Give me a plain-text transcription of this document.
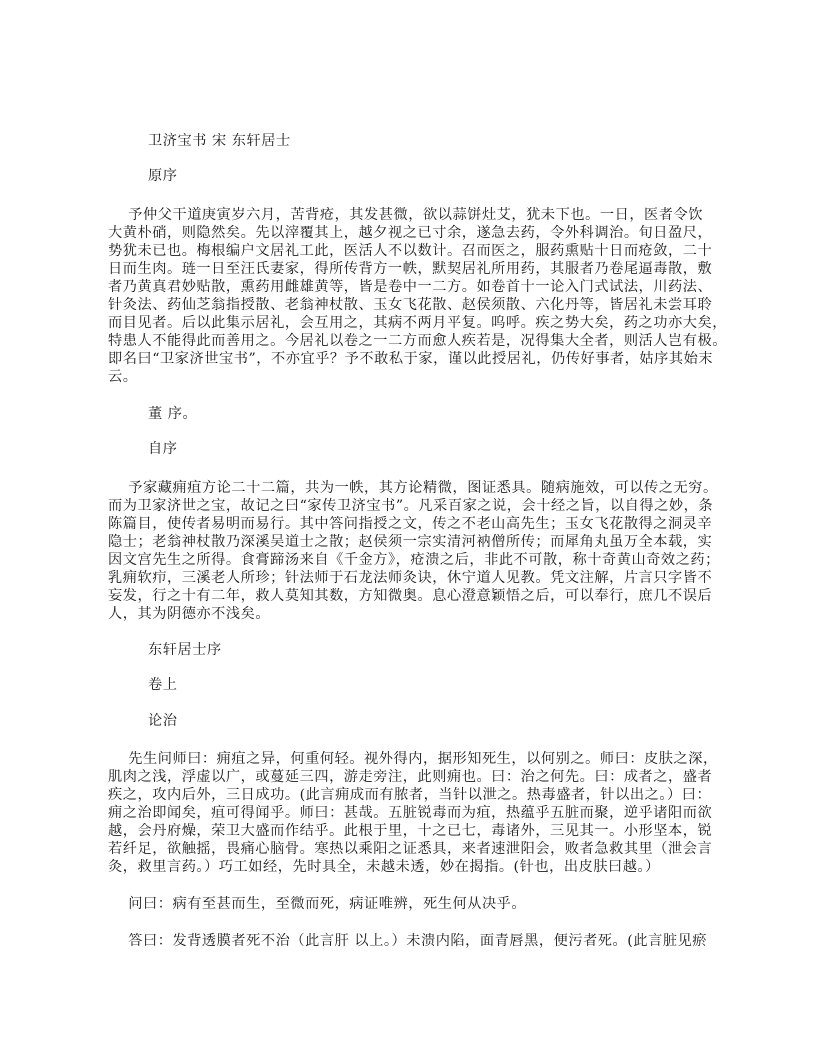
卫济宝书 宋 东轩居士
原序
予仲父干道庚寅岁六月，苦背疮，其发甚微，欲以蒜饼灶艾，犹未下也。一日，医者令饮
大黄朴硝，则隐然矣。先以滓覆其上，越夕视之已寸余，遂急去药，令外科调治。旬日盈尺，
势犹未已也。梅根编户文居礼工此，医活人不以数计。召而医之，服药熏贴十日而疮敛，二十
日而生肉。琏一日至汪氏妻家，得所传背方一帙，默契居礼所用药，其服者乃卷尾逼毒散，敷
者乃黄真君妙贴散，熏药用雌雄黄等，皆是卷中一二方。如卷首十一论入门式试法，川药法、
针灸法、药仙芝翁指授散、老翁神杖散、玉女飞花散、赵侯须散、六化丹等，皆居礼未尝耳聆
而目见者。后以此集示居礼，会互用之，其病不两月平复。呜呼。疾之势大矣，药之功亦大矣，
特患人不能得此而善用之。今居礼以卷之一二方而愈人疾若是，况得集大全者，则活人岂有极。
即名曰“卫家济世宝书”，不亦宜乎？予不敢私于家，谨以此授居礼，仍传好事者，姑序其始末
云。
董 序。
自序
予家藏痈疽方论二十二篇，共为一帙，其方论精微，图证悉具。随病施效，可以传之无穷。
而为卫家济世之宝，故记之曰“家传卫济宝书”。凡采百家之说，会十经之旨，以自得之妙，条
陈篇目，使传者易明而易行。其中答问指授之文，传之不老山高先生；玉女飞花散得之洞灵辛
隐士；老翁神杖散乃深溪吴道士之散；赵侯须一宗实清河衲僧所传；而犀角丸虽万全本载，实
因文宫先生之所得。食膏蹄汤来自《千金方》，疮溃之后，非此不可散，称十奇黄山奇效之药；
乳痈软疖，三溪老人所珍；针法师于石龙法师灸诀，休宁道人见教。凭文注解，片言只字皆不
妄发，行之十有二年，救人莫知其数，方知微奥。息心澄意颖悟之后，可以奉行，庶几不误后
人，其为阴德亦不浅矣。
东轩居士序
卷上
论治
先生问师曰：痈疽之异，何重何轻。视外得内，据形知死生，以何别之。师曰：皮肤之深，
肌肉之浅，浮虚以广，或蔓延三四，游走旁注，此则痈也。曰：治之何先。曰：成者之，盛者
疾之，攻内后外，三日成功。(此言痈成而有脓者，当针以泄之。热毒盛者，针以出之。）曰：
痈之治即闻矣，疽可得闻乎。师曰：甚哉。五脏锐毒而为疽，热蕴乎五脏而聚，逆乎诸阳而欲
越，会丹府燥，荣卫大盛而作结乎。此根于里，十之已七，毒诸外，三见其一。小形坚本，锐
若纤足，欲触摇，畏痛心脑骨。寒热以乘阳之证悉具，来者速泄阳会，败者急救其里（泄会言
灸，救里言药。）巧工如经，先时具全，未越未透，妙在揭指。(针也，出皮肤曰越。）
问曰：病有至甚而生，至微而死，病证唯辨，死生何从决乎。
答曰：发背透膜者死不治（此言肝 以上。）未溃内陷，面青唇黑，便污者死。(此言脏见瘀
